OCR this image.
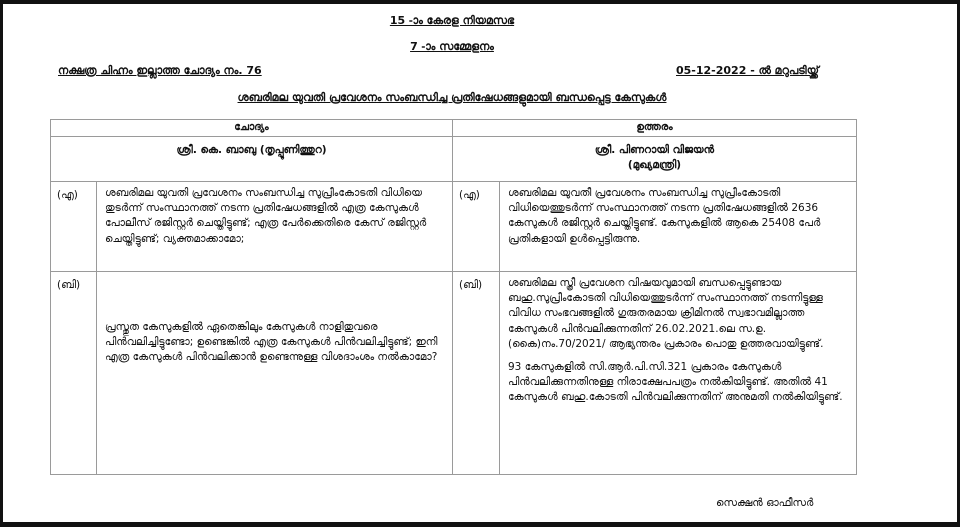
15 -ാം കേരള നിയമസഭ
7 -ാം സമ്മേളനം
നക്ഷത്ര ചിഹ്നം ഇല്ലാത്ത ചോദ്യം നം. 76	05-12-2022 - ൽ മറുപടിയ്ക്ക്
ശബരിമല യുവതി പ്രവേശനം സംബന്ധിച്ച പ്രതിഷേധങ്ങളുമായി ബന്ധപ്പെട്ട കേസുകൾ
ചോദ്യം		ഉത്തരം	
ശ്രീ. കെ. ബാബു (തൃപ്പൂണിത്തുറ)		ശ്രീ. പിണറായി വിജയൻ
(മുഖ്യമന്ത്രി)	

(എ)	ശബരിമല യുവതി പ്രവേശനം സംബന്ധിച്ച സുപ്രീംകോടതി വിധിയെ തുടർന്ന് സംസ്ഥാനത്ത് നടന്ന പ്രതിഷേധങ്ങളിൽ എത്ര കേസുകൾ പോലീസ് രജിസ്റ്റർ ചെയ്തിട്ടുണ്ട്; എത്ര പേർക്കെതിരെ കേസ് രജിസ്റ്റർ ചെയ്തിട്ടുണ്ട്; വ്യക്തമാക്കാമോ;	(എ)	ശബരിമല യുവതീ പ്രവേശനം സംബന്ധിച്ച സുപ്രീംകോടതി വിധിയെത്തുടർന്ന് സംസ്ഥാനത്ത് നടന്ന പ്രതിഷേധങ്ങളിൽ 2636 കേസുകൾ രജിസ്റ്റർ ചെയ്തിട്ടുണ്ട്. കേസുകളിൽ ആകെ 25408 പേർ പ്രതികളായി ഉൾപ്പെട്ടിരുന്നു.
(ബി)	പ്രസ്തുത കേസുകളിൽ ഏതെങ്കിലും കേസുകൾ നാളിതുവരെ പിൻവലിച്ചിട്ടുണ്ടോ; ഉണ്ടെങ്കിൽ എത്ര കേസുകൾ പിൻവലിച്ചിട്ടുണ്ട്; ഇനി എത്ര കേസുകൾ പിൻവലിക്കാൻ ഉണ്ടെന്നുള്ള വിശദാംശം നൽകാമോ?	(ബി)	ശബരിമല സ്ത്രീ പ്രവേശന വിഷയവുമായി ബന്ധപ്പെട്ടുണ്ടായ ബഹു.സുപ്രീംകോടതി വിധിയെത്തുടർന്ന് സംസ്ഥാനത്ത് നടന്നിട്ടുള്ള വിവിധ സംഭവങ്ങളിൽ ഗുരുതരമായ ക്രിമിനൽ സ്വഭാവമില്ലാത്ത കേസുകൾ പിൻവലിക്കുന്നതിന് 26.02.2021.ലെ സ.ഉ.(കൈ)നം.70/2021/ ആഭ്യന്തരം പ്രകാരം പൊതു ഉത്തരവായിട്ടുണ്ട്.

93 കേസുകളിൽ സി.ആർ.പി.സി.321 പ്രകാരം കേസുകൾ പിൻവലിക്കുന്നതിനുള്ള നിരാക്ഷേപപത്രം നൽകിയിട്ടുണ്ട്. അതിൽ 41 കേസുകൾ ബഹു.കോടതി പിൻവലിക്കുന്നതിന് അനുമതി നൽകിയിട്ടുണ്ട്.

സെക്ഷൻ ഓഫീസർ
